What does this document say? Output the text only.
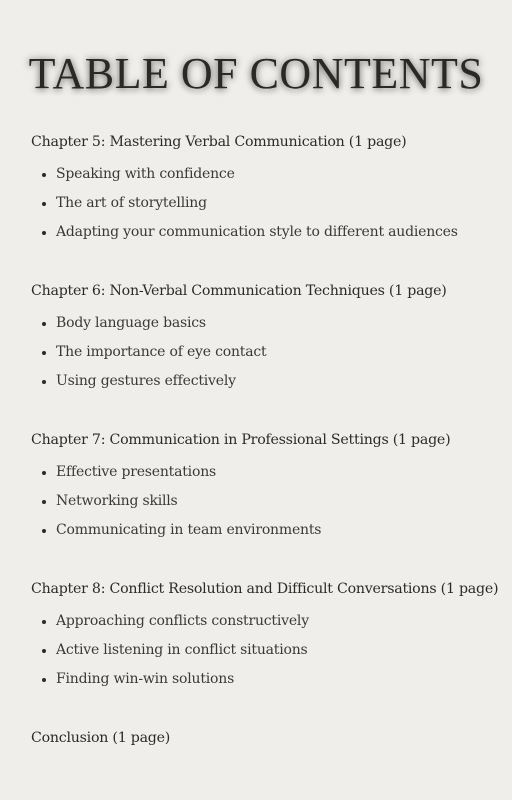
TABLE OF CONTENTS
Chapter 5: Mastering Verbal Communication (1 page)
Speaking with confidence
The art of storytelling
Adapting your communication style to different audiences
Chapter 6: Non-Verbal Communication Techniques (1 page)
Body language basics
The importance of eye contact
Using gestures effectively
Chapter 7: Communication in Professional Settings (1 page)
Effective presentations
Networking skills
Communicating in team environments
Chapter 8: Conflict Resolution and Difficult Conversations (1 page)
Approaching conflicts constructively
Active listening in conflict situations
Finding win-win solutions
Conclusion (1 page)
